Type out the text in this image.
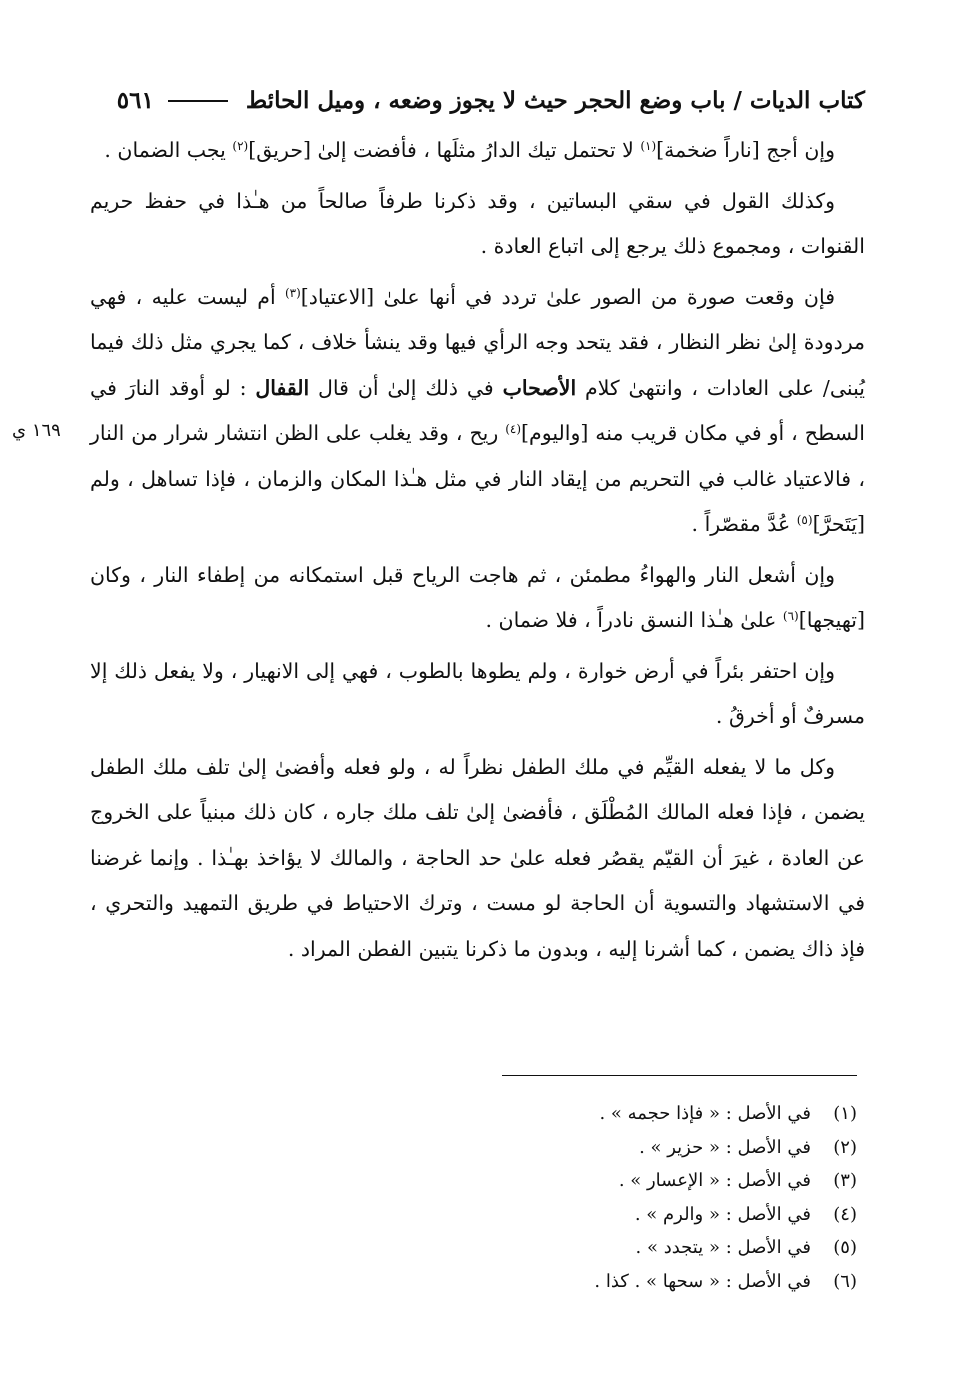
كتاب الديات / باب وضع الحجر حيث لا يجوز وضعه ، وميل الحائط
٥٦١
١٦٩ ي

وإن أجج [ناراً ضخمة]$^{(١)}$ لا تحتمل تيك الدارُ مثلَها ، فأفضت إلىٰ [حريق]$^{(٢)}$ يجب الضمان .

وكذلك القول في سقي البساتين ، وقد ذكرنا طرفاً صالحاً من هـٰذا في حفظ حريم القنوات ، ومجموع ذلك يرجع إلى اتباع العادة .

فإن وقعت صورة من الصور علىٰ تردد في أنها علىٰ [الاعتياد]$^{(٣)}$ أم ليست عليه ، فهي مردودة إلىٰ نظر النظار ، فقد يتحد وجه الرأي فيها وقد ينشأ خلاف ، كما يجري مثل ذلك فيما يُبنى/ على العادات ، وانتهىٰ كلام الأصحاب في ذلك إلىٰ أن قال القفال : لو أوقد النارَ في السطح ، أو في مكان قريب منه [واليوم]$^{(٤)}$ ريح ، وقد يغلب على الظن انتشار شرار من النار ، فالاعتياد غالب في التحريم من إيقاد النار في مثل هـٰذا المكان والزمان ، فإذا تساهل ، ولم [يَتَحرَّ]$^{(٥)}$ عُدَّ مقصّراً .

وإن أشعل النار والهواءُ مطمئن ، ثم هاجت الرياح قبل استمكانه من إطفاء النار ، وكان [تهيجها]$^{(٦)}$ علىٰ هـٰذا النسق نادراً ، فلا ضمان .

وإن احتفر بئراً في أرض خوارة ، ولم يطوها بالطوب ، فهي إلى الانهيار ، ولا يفعل ذلك إلا مسرفٌ أو أخرقُ .

وكل ما لا يفعله القيِّم في ملك الطفل نظراً له ، ولو فعله وأفضىٰ إلىٰ تلف ملك الطفل يضمن ، فإذا فعله المالك المُطْلَق ، فأفضىٰ إلىٰ تلف ملك جاره ، كان ذلك مبنياً على الخروج عن العادة ، غيرَ أن القيّم يقصُر فعله علىٰ حد الحاجة ، والمالك لا يؤاخذ بهـٰذا . وإنما غرضنا في الاستشهاد والتسوية أن الحاجة لو مست ، وترك الاحتياط في طريق التمهيد والتحري ، فإذ ذاك يضمن ، كما أشرنا إليه ، وبدون ما ذكرنا يتبين الفطن المراد .

(١)
في الأصل : « فإذا حجمه » .
(٢)
في الأصل : « حزير » .
(٣)
في الأصل : « الإعسار » .
(٤)
في الأصل : « والرم » .
(٥)
في الأصل : « يتجدد » .
(٦)
في الأصل : « سحها » . كذا .
